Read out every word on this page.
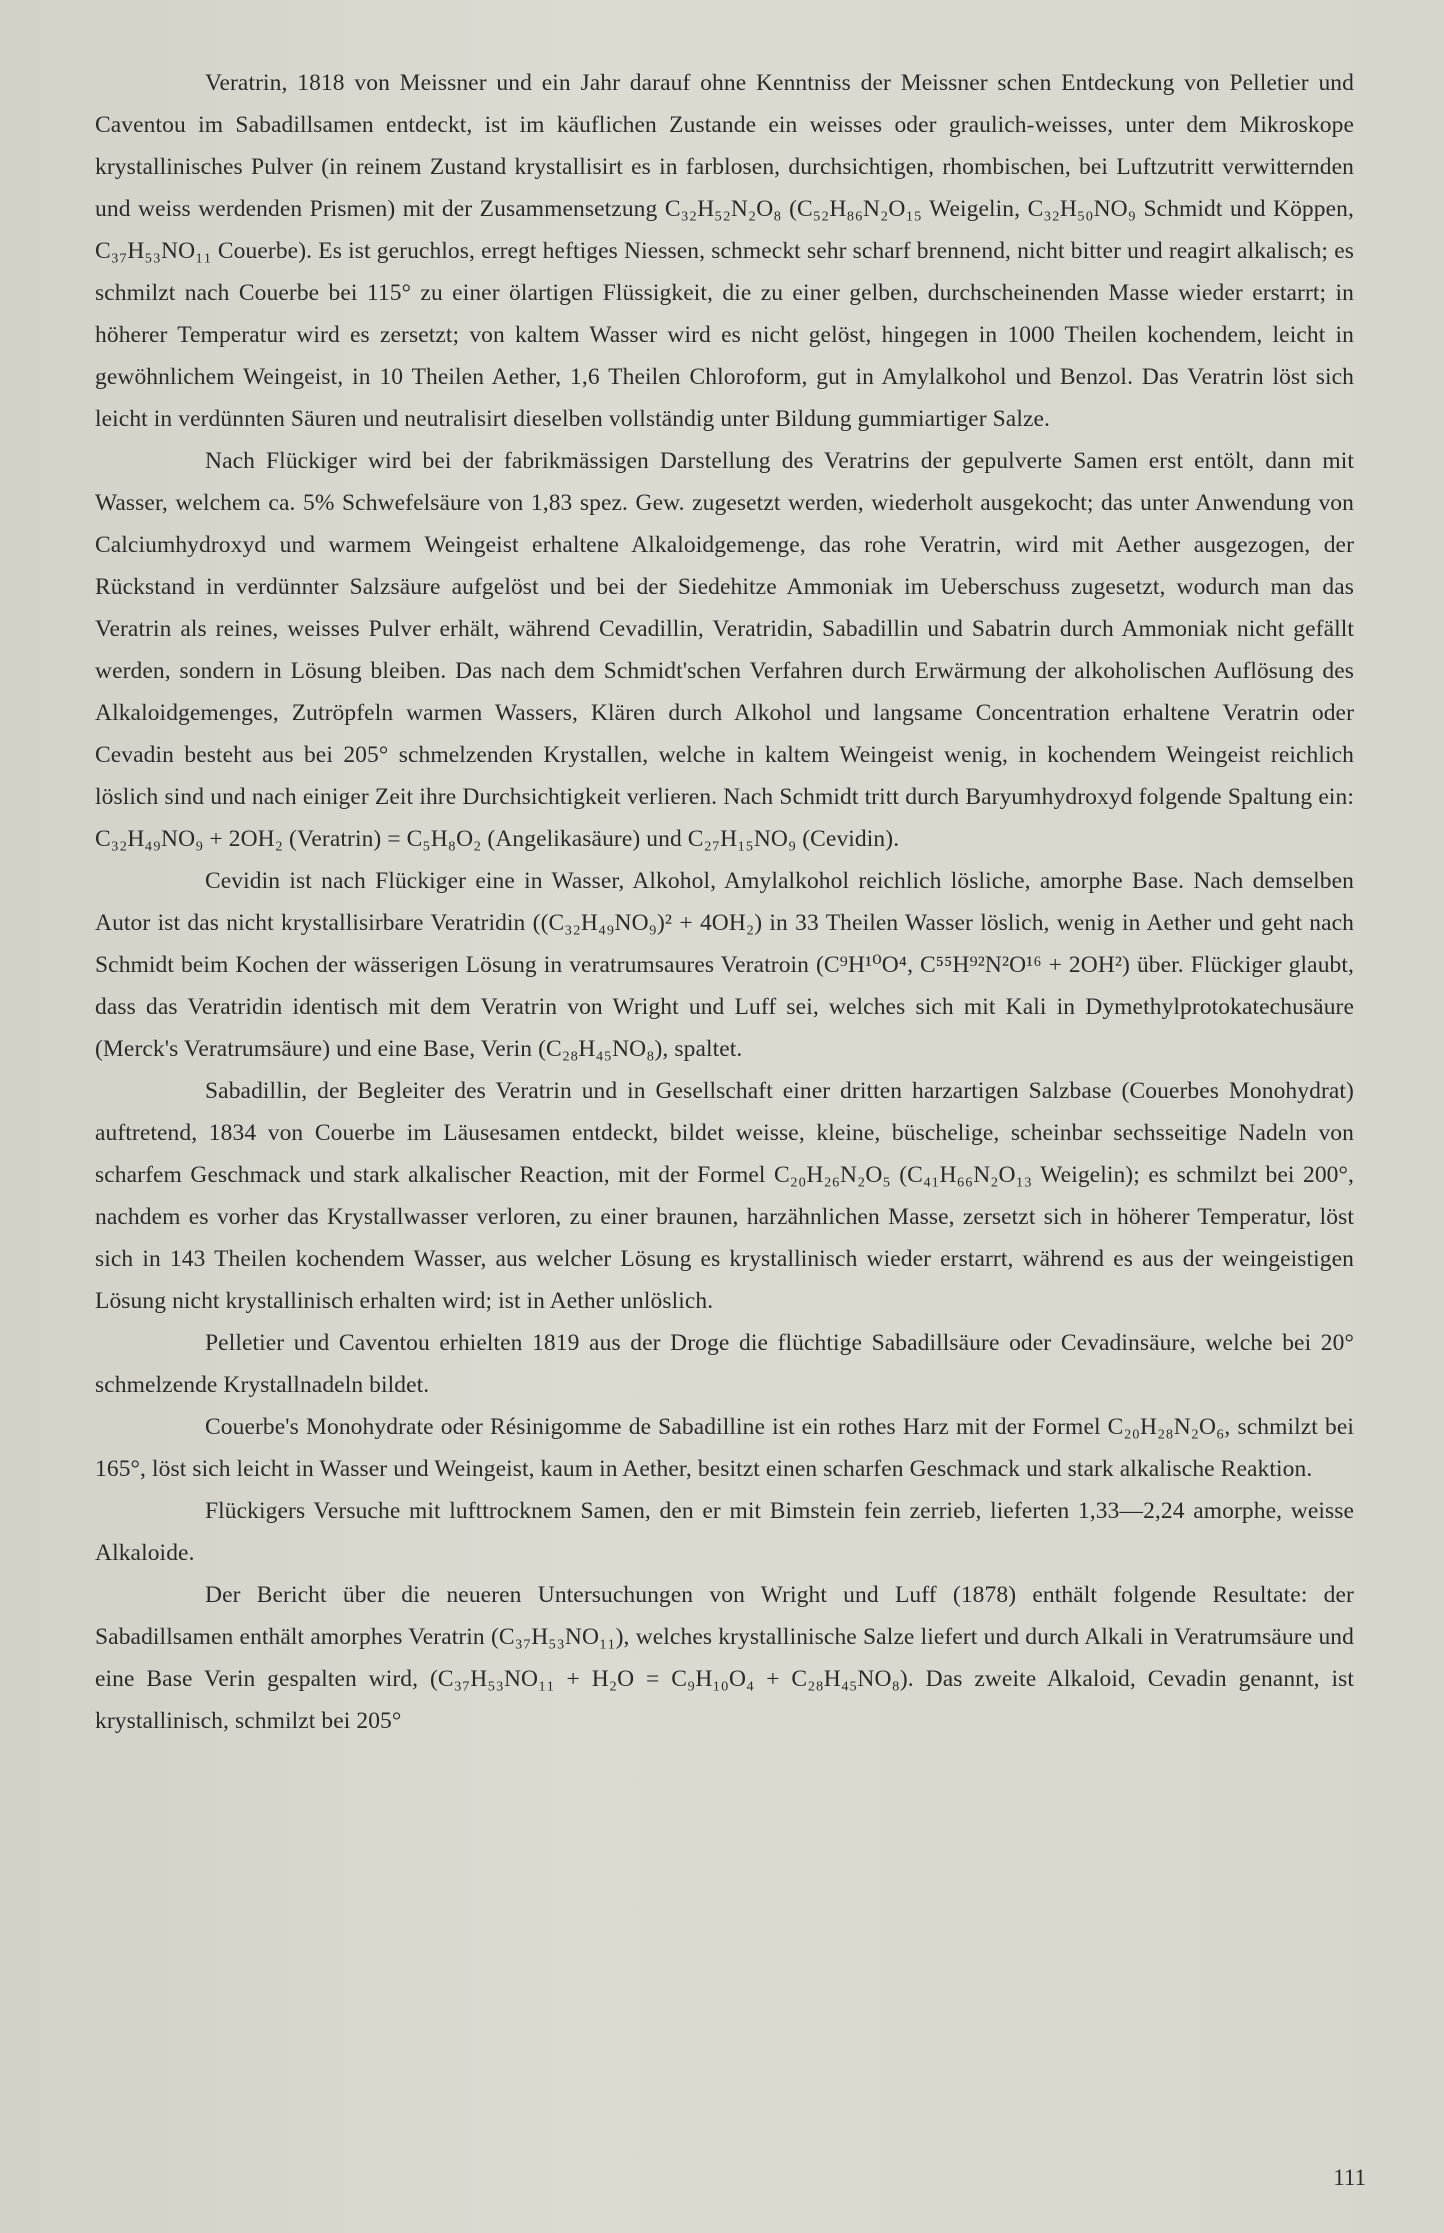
Veratrin, 1818 von Meissner und ein Jahr darauf ohne Kenntniss der Meissner schen Entdeckung von Pelletier und Caventou im Sabadillsamen entdeckt, ist im käuflichen Zustande ein weisses oder graulich-weisses, unter dem Mikroskope krystallinisches Pulver (in reinem Zustand krystallisirt es in farblosen, durchsichtigen, rhombischen, bei Luftzutritt verwitternden und weiss werdenden Prismen) mit der Zusammensetzung C₃₂H₅₂N₂O₈ (C₅₂H₈₆N₂O₁₅ Weigelin, C₃₂H₅₀NO₉ Schmidt und Köppen, C₃₇H₅₃NO₁₁ Couerbe). Es ist geruchlos, erregt heftiges Niessen, schmeckt sehr scharf brennend, nicht bitter und reagirt alkalisch; es schmilzt nach Couerbe bei 115° zu einer ölartigen Flüssigkeit, die zu einer gelben, durchscheinenden Masse wieder erstarrt; in höherer Temperatur wird es zersetzt; von kaltem Wasser wird es nicht gelöst, hingegen in 1000 Theilen kochendem, leicht in gewöhnlichem Weingeist, in 10 Theilen Aether, 1,6 Theilen Chloroform, gut in Amylalkohol und Benzol. Das Veratrin löst sich leicht in verdünnten Säuren und neutralisirt dieselben vollständig unter Bildung gummiartiger Salze.

Nach Flückiger wird bei der fabrikmässigen Darstellung des Veratrins der gepulverte Samen erst entölt, dann mit Wasser, welchem ca. 5% Schwefelsäure von 1,83 spez. Gew. zugesetzt werden, wiederholt ausgekocht; das unter Anwendung von Calciumhydroxyd und warmem Weingeist erhaltene Alkaloidgemenge, das rohe Veratrin, wird mit Aether ausgezogen, der Rückstand in verdünnter Salzsäure aufgelöst und bei der Siedehitze Ammoniak im Ueberschuss zugesetzt, wodurch man das Veratrin als reines, weisses Pulver erhält, während Cevadillin, Veratridin, Sabadillin und Sabatrin durch Ammoniak nicht gefällt werden, sondern in Lösung bleiben. Das nach dem Schmidt'schen Verfahren durch Erwärmung der alkoholischen Auflösung des Alkaloidgemenges, Zutröpfeln warmen Wassers, Klären durch Alkohol und langsame Concentration erhaltene Veratrin oder Cevadin besteht aus bei 205° schmelzenden Krystallen, welche in kaltem Weingeist wenig, in kochendem Weingeist reichlich löslich sind und nach einiger Zeit ihre Durchsichtigkeit verlieren. Nach Schmidt tritt durch Baryumhydroxyd folgende Spaltung ein: C₃₂H₄₉NO₉ + 2OH₂ (Veratrin) = C₅H₈O₂ (Angelikasäure) und C₂₇H₁₅NO₉ (Cevidin).

Cevidin ist nach Flückiger eine in Wasser, Alkohol, Amylalkohol reichlich lösliche, amorphe Base. Nach demselben Autor ist das nicht krystallisirbare Veratridin ((C₃₂H₄₉NO₉)² + 4OH₂) in 33 Theilen Wasser löslich, wenig in Aether und geht nach Schmidt beim Kochen der wässerigen Lösung in veratrumsaures Veratroin (C⁹H¹⁰O⁴, C⁵⁵H⁹²N²O¹⁶ + 2OH²) über. Flückiger glaubt, dass das Veratridin identisch mit dem Veratrin von Wright und Luff sei, welches sich mit Kali in Dymethylprotokatechusäure (Merck's Veratrumsäure) und eine Base, Verin (C₂₈H₄₅NO₈), spaltet.

Sabadillin, der Begleiter des Veratrin und in Gesellschaft einer dritten harzartigen Salzbase (Couerbes Monohydrat) auftretend, 1834 von Couerbe im Läusesamen entdeckt, bildet weisse, kleine, büschelige, scheinbar sechsseitige Nadeln von scharfem Geschmack und stark alkalischer Reaction, mit der Formel C₂₀H₂₆N₂O₅ (C₄₁H₆₆N₂O₁₃ Weigelin); es schmilzt bei 200°, nachdem es vorher das Krystallwasser verloren, zu einer braunen, harzähnlichen Masse, zersetzt sich in höherer Temperatur, löst sich in 143 Theilen kochendem Wasser, aus welcher Lösung es krystallinisch wieder erstarrt, während es aus der weingeistigen Lösung nicht krystallinisch erhalten wird; ist in Aether unlöslich.

Pelletier und Caventou erhielten 1819 aus der Droge die flüchtige Sabadillsäure oder Cevadinsäure, welche bei 20° schmelzende Krystallnadeln bildet.

Couerbe's Monohydrate oder Résinigomme de Sabadilline ist ein rothes Harz mit der Formel C₂₀H₂₈N₂O₆, schmilzt bei 165°, löst sich leicht in Wasser und Weingeist, kaum in Aether, besitzt einen scharfen Geschmack und stark alkalische Reaktion.

Flückigers Versuche mit lufttrocknem Samen, den er mit Bimstein fein zerrieb, lieferten 1,33—2,24 amorphe, weisse Alkaloide.

Der Bericht über die neueren Untersuchungen von Wright und Luff (1878) enthält folgende Resultate: der Sabadillsamen enthält amorphes Veratrin (C₃₇H₅₃NO₁₁), welches krystallinische Salze liefert und durch Alkali in Veratrumsäure und eine Base Verin gespalten wird, (C₃₇H₅₃NO₁₁ + H₂O = C₉H₁₀O₄ + C₂₈H₄₅NO₈). Das zweite Alkaloid, Cevadin genannt, ist krystallinisch, schmilzt bei 205°

111
